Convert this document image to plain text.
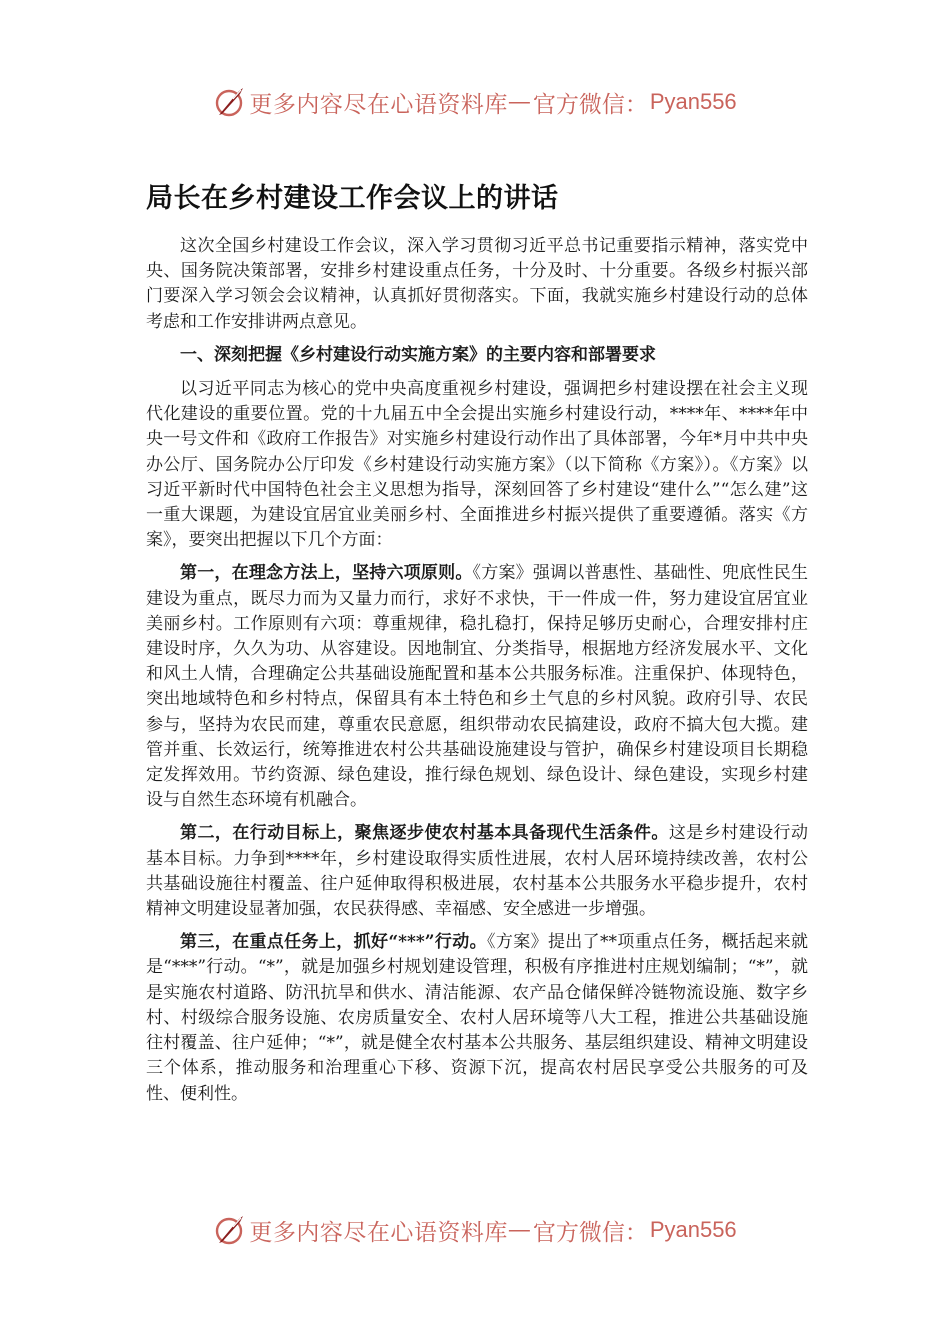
更多内容尽在心语资料库 — 官方微信： Pyan556
局长在乡村建设工作会议上的讲话

这次全国乡村建设工作会议，深入学习贯彻习近平总书记重要指示精神，落实党中央、国务院决策部署，安排乡村建设重点任务，十分及时、十分重要。各级乡村振兴部门要深入学习领会会议精神，认真抓好贯彻落实。下面，我就实施乡村建设行动的总体考虑和工作安排讲两点意见。

一、深刻把握《乡村建设行动实施方案》的主要内容和部署要求

以习近平同志为核心的党中央高度重视乡村建设，强调把乡村建设摆在社会主义现代化建设的重要位置。党的十九届五中全会提出实施乡村建设行动，****年、****年中央一号文件和《政府工作报告》对实施乡村建设行动作出了具体部署，今年*月中共中央办公厅、国务院办公厅印发《乡村建设行动实施方案》（以下简称《方案》）。《方案》以习近平新时代中国特色社会主义思想为指导，深刻回答了乡村建设“建什么”“怎么建”这一重大课题，为建设宜居宜业美丽乡村、全面推进乡村振兴提供了重要遵循。落实《方案》，要突出把握以下几个方面：

第一，在理念方法上，坚持六项原则。《方案》强调以普惠性、基础性、兜底性民生建设为重点，既尽力而为又量力而行，求好不求快，干一件成一件，努力建设宜居宜业美丽乡村。工作原则有六项：尊重规律，稳扎稳打，保持足够历史耐心，合理安排村庄建设时序，久久为功、从容建设。因地制宜、分类指导，根据地方经济发展水平、文化和风土人情，合理确定公共基础设施配置和基本公共服务标准。注重保护、体现特色，突出地域特色和乡村特点，保留具有本土特色和乡土气息的乡村风貌。政府引导、农民参与，坚持为农民而建，尊重农民意愿，组织带动农民搞建设，政府不搞大包大揽。建管并重、长效运行，统筹推进农村公共基础设施建设与管护，确保乡村建设项目长期稳定发挥效用。节约资源、绿色建设，推行绿色规划、绿色设计、绿色建设，实现乡村建设与自然生态环境有机融合。

第二，在行动目标上，聚焦逐步使农村基本具备现代生活条件。这是乡村建设行动基本目标。力争到****年，乡村建设取得实质性进展，农村人居环境持续改善，农村公共基础设施往村覆盖、往户延伸取得积极进展，农村基本公共服务水平稳步提升，农村精神文明建设显著加强，农民获得感、幸福感、安全感进一步增强。

第三，在重点任务上，抓好“***”行动。《方案》提出了**项重点任务，概括起来就是“***”行动。“*”，就是加强乡村规划建设管理，积极有序推进村庄规划编制；“*”，就是实施农村道路、防汛抗旱和供水、清洁能源、农产品仓储保鲜冷链物流设施、数字乡村、村级综合服务设施、农房质量安全、农村人居环境等八大工程，推进公共基础设施往村覆盖、往户延伸；“*”，就是健全农村基本公共服务、基层组织建设、精神文明建设三个体系，推动服务和治理重心下移、资源下沉，提高农村居民享受公共服务的可及性、便利性。

更多内容尽在心语资料库 — 官方微信： Pyan556
